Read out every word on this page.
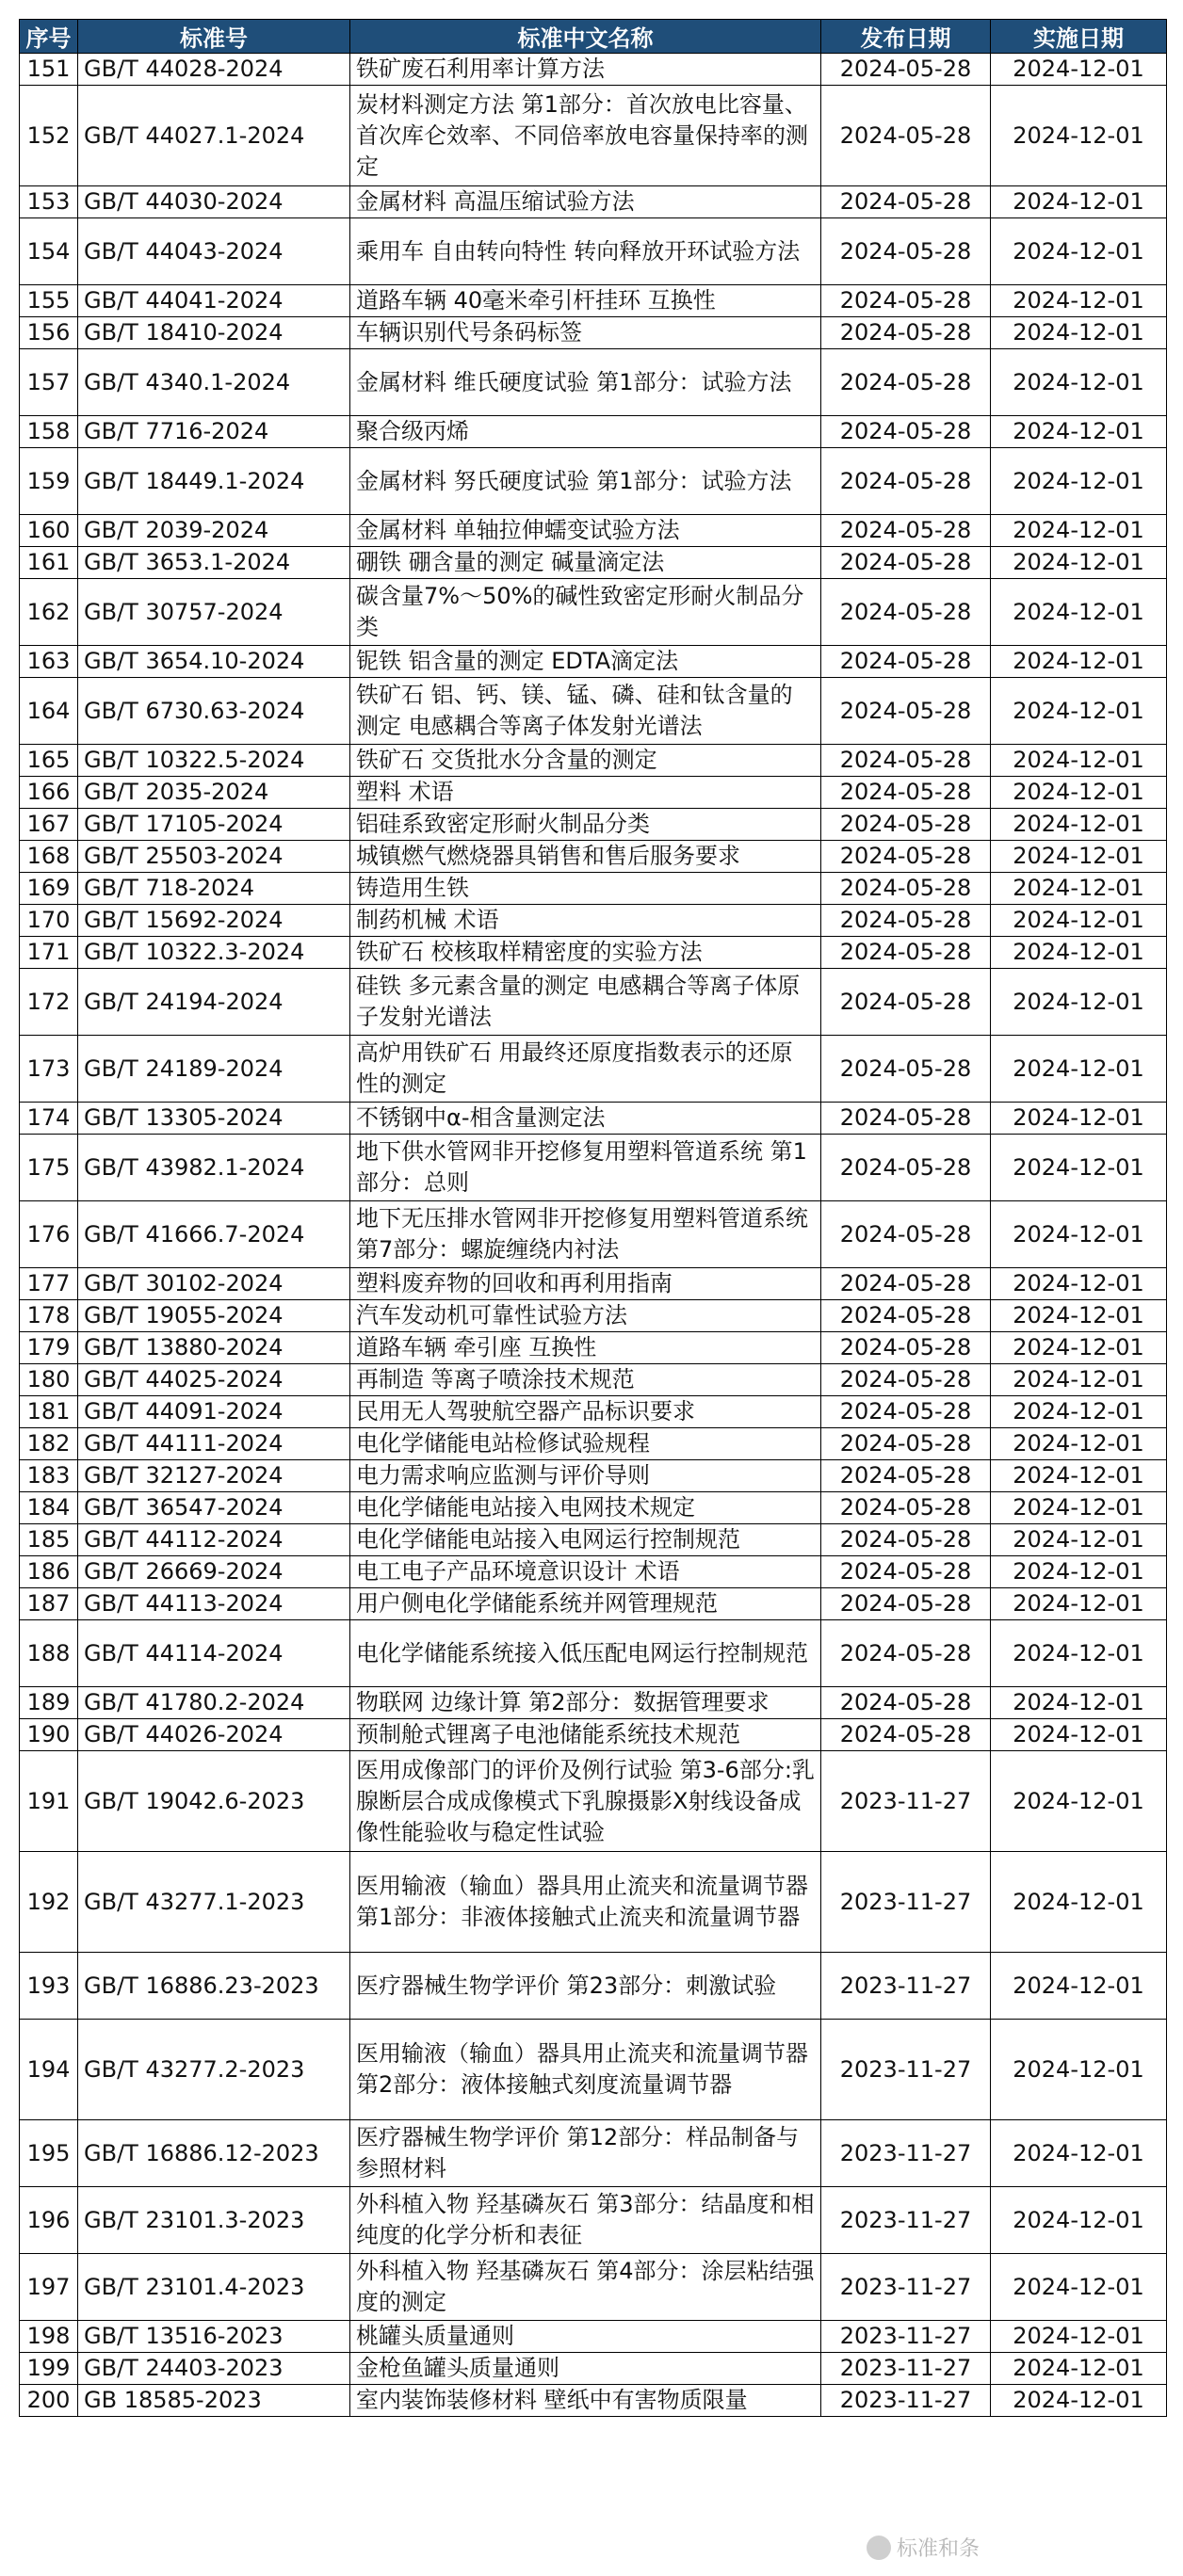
序号	标准号	标准中文名称	发布日期	实施日期
151	GB/T 44028-2024	铁矿废石利用率计算方法	2024-05-28	2024-12-01
152	GB/T 44027.1-2024	炭材料测定方法 第1部分：首次放电比容量、首次库仑效率、不同倍率放电容量保持率的测定	2024-05-28	2024-12-01
153	GB/T 44030-2024	金属材料 高温压缩试验方法	2024-05-28	2024-12-01
154	GB/T 44043-2024	乘用车 自由转向特性 转向释放开环试验方法	2024-05-28	2024-12-01
155	GB/T 44041-2024	道路车辆 40毫米牵引杆挂环 互换性	2024-05-28	2024-12-01
156	GB/T 18410-2024	车辆识别代号条码标签	2024-05-28	2024-12-01
157	GB/T 4340.1-2024	金属材料 维氏硬度试验 第1部分：试验方法	2024-05-28	2024-12-01
158	GB/T 7716-2024	聚合级丙烯	2024-05-28	2024-12-01
159	GB/T 18449.1-2024	金属材料 努氏硬度试验 第1部分：试验方法	2024-05-28	2024-12-01
160	GB/T 2039-2024	金属材料 单轴拉伸蠕变试验方法	2024-05-28	2024-12-01
161	GB/T 3653.1-2024	硼铁 硼含量的测定 碱量滴定法	2024-05-28	2024-12-01
162	GB/T 30757-2024	碳含量7%～50%的碱性致密定形耐火制品分类	2024-05-28	2024-12-01
163	GB/T 3654.10-2024	铌铁 铝含量的测定 EDTA滴定法	2024-05-28	2024-12-01
164	GB/T 6730.63-2024	铁矿石 铝、钙、镁、锰、磷、硅和钛含量的测定 电感耦合等离子体发射光谱法	2024-05-28	2024-12-01
165	GB/T 10322.5-2024	铁矿石 交货批水分含量的测定	2024-05-28	2024-12-01
166	GB/T 2035-2024	塑料 术语	2024-05-28	2024-12-01
167	GB/T 17105-2024	铝硅系致密定形耐火制品分类	2024-05-28	2024-12-01
168	GB/T 25503-2024	城镇燃气燃烧器具销售和售后服务要求	2024-05-28	2024-12-01
169	GB/T 718-2024	铸造用生铁	2024-05-28	2024-12-01
170	GB/T 15692-2024	制药机械 术语	2024-05-28	2024-12-01
171	GB/T 10322.3-2024	铁矿石 校核取样精密度的实验方法	2024-05-28	2024-12-01
172	GB/T 24194-2024	硅铁 多元素含量的测定 电感耦合等离子体原子发射光谱法	2024-05-28	2024-12-01
173	GB/T 24189-2024	高炉用铁矿石 用最终还原度指数表示的还原性的测定	2024-05-28	2024-12-01
174	GB/T 13305-2024	不锈钢中α-相含量测定法	2024-05-28	2024-12-01
175	GB/T 43982.1-2024	地下供水管网非开挖修复用塑料管道系统 第1部分：总则	2024-05-28	2024-12-01
176	GB/T 41666.7-2024	地下无压排水管网非开挖修复用塑料管道系统 第7部分：螺旋缠绕内衬法	2024-05-28	2024-12-01
177	GB/T 30102-2024	塑料废弃物的回收和再利用指南	2024-05-28	2024-12-01
178	GB/T 19055-2024	汽车发动机可靠性试验方法	2024-05-28	2024-12-01
179	GB/T 13880-2024	道路车辆 牵引座 互换性	2024-05-28	2024-12-01
180	GB/T 44025-2024	再制造 等离子喷涂技术规范	2024-05-28	2024-12-01
181	GB/T 44091-2024	民用无人驾驶航空器产品标识要求	2024-05-28	2024-12-01
182	GB/T 44111-2024	电化学储能电站检修试验规程	2024-05-28	2024-12-01
183	GB/T 32127-2024	电力需求响应监测与评价导则	2024-05-28	2024-12-01
184	GB/T 36547-2024	电化学储能电站接入电网技术规定	2024-05-28	2024-12-01
185	GB/T 44112-2024	电化学储能电站接入电网运行控制规范	2024-05-28	2024-12-01
186	GB/T 26669-2024	电工电子产品环境意识设计 术语	2024-05-28	2024-12-01
187	GB/T 44113-2024	用户侧电化学储能系统并网管理规范	2024-05-28	2024-12-01
188	GB/T 44114-2024	电化学储能系统接入低压配电网运行控制规范	2024-05-28	2024-12-01
189	GB/T 41780.2-2024	物联网 边缘计算 第2部分：数据管理要求	2024-05-28	2024-12-01
190	GB/T 44026-2024	预制舱式锂离子电池储能系统技术规范	2024-05-28	2024-12-01
191	GB/T 19042.6-2023	医用成像部门的评价及例行试验 第3-6部分:乳腺断层合成成像模式下乳腺摄影X射线设备成像性能验收与稳定性试验	2023-11-27	2024-12-01
192	GB/T 43277.1-2023	医用输液（输血）器具用止流夹和流量调节器 第1部分：非液体接触式止流夹和流量调节器	2023-11-27	2024-12-01
193	GB/T 16886.23-2023	医疗器械生物学评价 第23部分：刺激试验	2023-11-27	2024-12-01
194	GB/T 43277.2-2023	医用输液（输血）器具用止流夹和流量调节器 第2部分：液体接触式刻度流量调节器	2023-11-27	2024-12-01
195	GB/T 16886.12-2023	医疗器械生物学评价 第12部分：样品制备与参照材料	2023-11-27	2024-12-01
196	GB/T 23101.3-2023	外科植入物 羟基磷灰石 第3部分：结晶度和相纯度的化学分析和表征	2023-11-27	2024-12-01
197	GB/T 23101.4-2023	外科植入物 羟基磷灰石 第4部分：涂层粘结强度的测定	2023-11-27	2024-12-01
198	GB/T 13516-2023	桃罐头质量通则	2023-11-27	2024-12-01
199	GB/T 24403-2023	金枪鱼罐头质量通则	2023-11-27	2024-12-01
200	GB 18585-2023	室内装饰装修材料 壁纸中有害物质限量	2023-11-27	2024-12-01
标准和条
